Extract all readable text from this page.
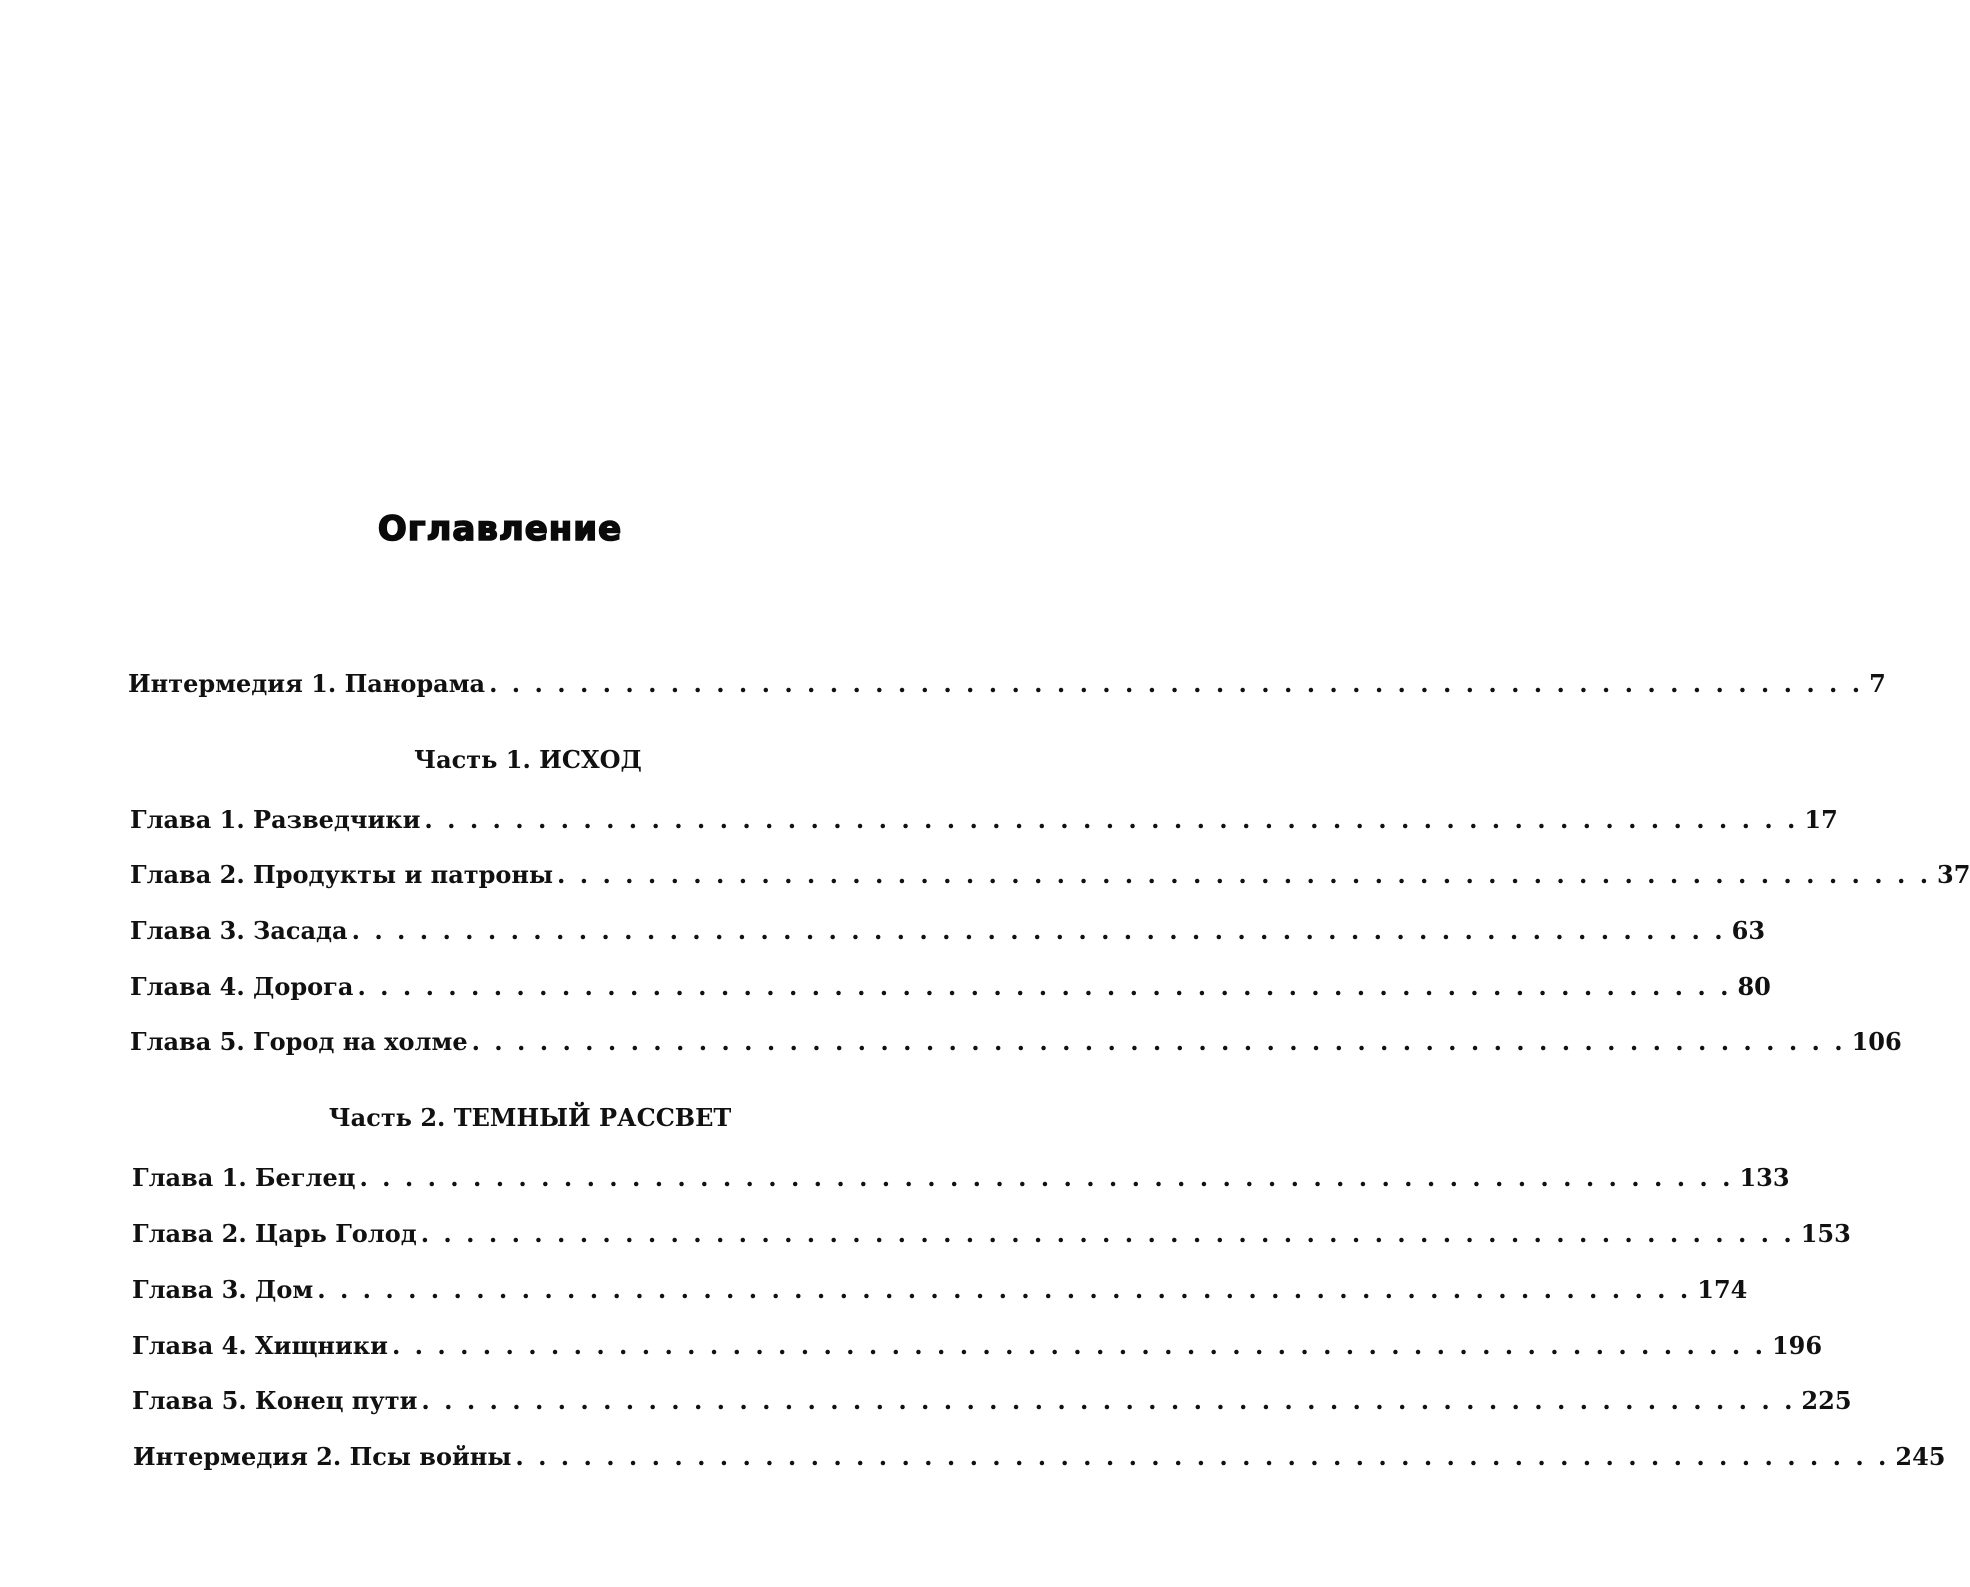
Оглавление
Интермедия 1. Панорама . . . . . . . . . . . . . . . . . . . . . . . . . . . . . . . . . . . . . . . . . . . . . . . . . . . . . . . . . . . . . 7
Часть 1. ИСХОД
Глава 1. Разведчики . . . . . . . . . . . . . . . . . . . . . . . . . . . . . . . . . . . . . . . . . . . . . . . . . . . . . . . . . . . . . 17
Глава 2. Продукты и патроны . . . . . . . . . . . . . . . . . . . . . . . . . . . . . . . . . . . . . . . . . . . . . . . . . . . . . . . . . . . . . 37
Глава 3. Засада . . . . . . . . . . . . . . . . . . . . . . . . . . . . . . . . . . . . . . . . . . . . . . . . . . . . . . . . . . . . . 63
Глава 4. Дорога . . . . . . . . . . . . . . . . . . . . . . . . . . . . . . . . . . . . . . . . . . . . . . . . . . . . . . . . . . . . . 80
Глава 5. Город на холме . . . . . . . . . . . . . . . . . . . . . . . . . . . . . . . . . . . . . . . . . . . . . . . . . . . . . . . . . . . . . 106
Часть 2. ТЕМНЫЙ РАССВЕТ
Глава 1. Беглец . . . . . . . . . . . . . . . . . . . . . . . . . . . . . . . . . . . . . . . . . . . . . . . . . . . . . . . . . . . . . 133
Глава 2. Царь Голод . . . . . . . . . . . . . . . . . . . . . . . . . . . . . . . . . . . . . . . . . . . . . . . . . . . . . . . . . . . . . 153
Глава 3. Дом . . . . . . . . . . . . . . . . . . . . . . . . . . . . . . . . . . . . . . . . . . . . . . . . . . . . . . . . . . . . . 174
Глава 4. Хищники . . . . . . . . . . . . . . . . . . . . . . . . . . . . . . . . . . . . . . . . . . . . . . . . . . . . . . . . . . . . . 196
Глава 5. Конец пути . . . . . . . . . . . . . . . . . . . . . . . . . . . . . . . . . . . . . . . . . . . . . . . . . . . . . . . . . . . . . 225
Интермедия 2. Псы войны . . . . . . . . . . . . . . . . . . . . . . . . . . . . . . . . . . . . . . . . . . . . . . . . . . . . . . . . . . . . . 245
